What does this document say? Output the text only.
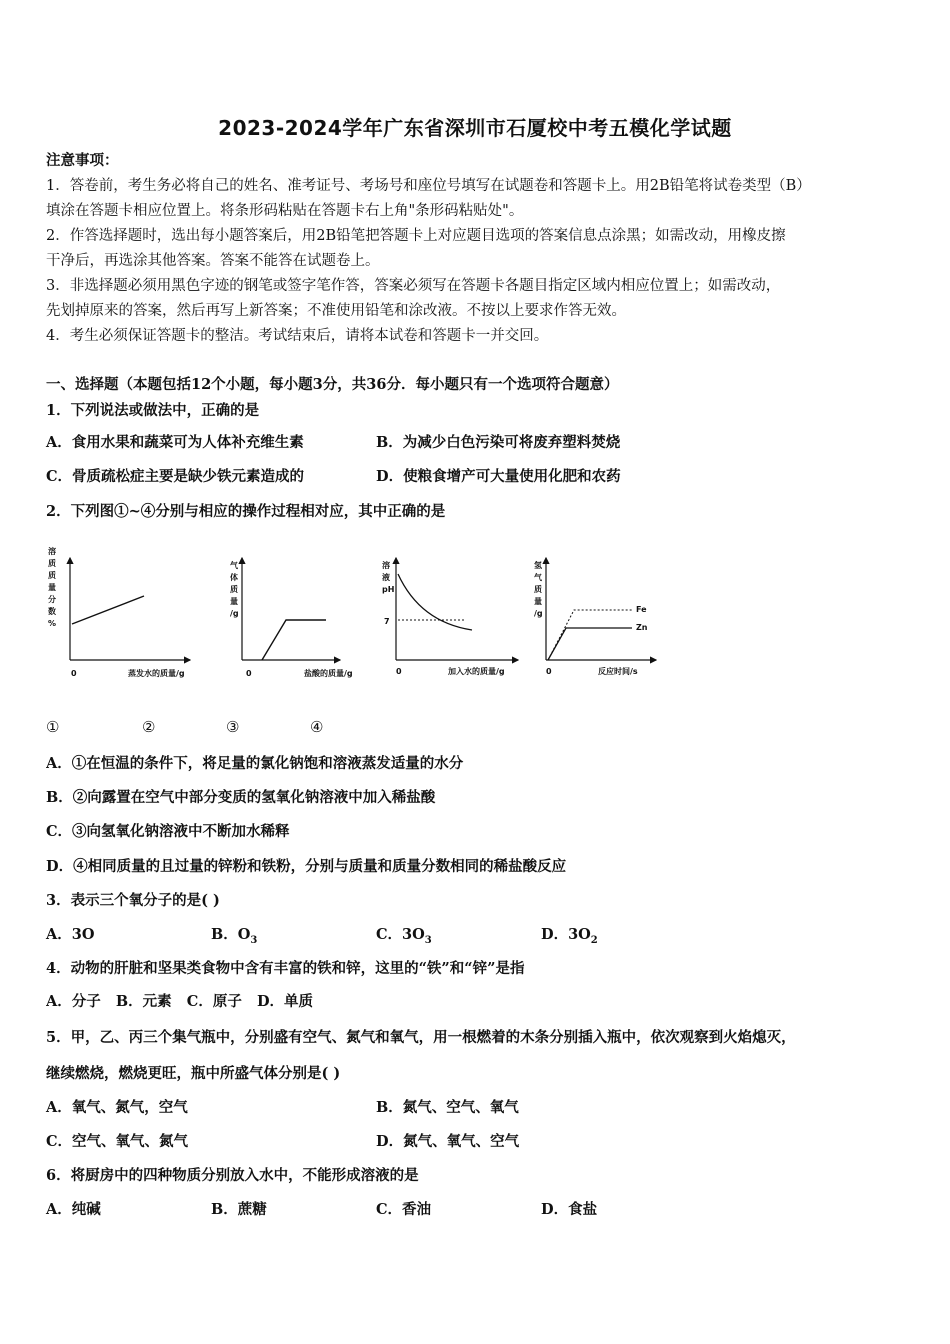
2023-2024学年广东省深圳市石厦校中考五模化学试题
注意事项：
1．答卷前，考生务必将自己的姓名、准考证号、考场号和座位号填写在试题卷和答题卡上。用2B铅笔将试卷类型（B）
填涂在答题卡相应位置上。将条形码粘贴在答题卡右上角"条形码粘贴处"。
2．作答选择题时，选出每小题答案后，用2B铅笔把答题卡上对应题目选项的答案信息点涂黑；如需改动，用橡皮擦
干净后，再选涂其他答案。答案不能答在试题卷上。
3．非选择题必须用黑色字迹的钢笔或签字笔作答，答案必须写在答题卡各题目指定区域内相应位置上；如需改动，
先划掉原来的答案，然后再写上新答案；不准使用铅笔和涂改液。不按以上要求作答无效。
4．考生必须保证答题卡的整洁。考试结束后，请将本试卷和答题卡一并交回。
一、选择题（本题包括12个小题，每小题3分，共36分．每小题只有一个选项符合题意）
1．下列说法或做法中，正确的是
A．食用水果和蔬菜可为人体补充维生素	B．为减少白色污染可将废弃塑料焚烧
C．骨质疏松症主要是缺少铁元素造成的	D．使粮食增产可大量使用化肥和农药
2．下列图①~④分别与相应的操作过程相对应，其中正确的是
溶
质
质
量
分
数
%
0	蒸发水的质量/g
气
体
质
量
/g
0	盐酸的质量/g
溶
液
pH
7
0	加入水的质量/g
氢
气
质
量
/g	Fe
Zn
0	反应时间/s
①	②	③	④
A．①在恒温的条件下，将足量的氯化钠饱和溶液蒸发适量的水分
B．②向露置在空气中部分变质的氢氧化钠溶液中加入稀盐酸
C．③向氢氧化钠溶液中不断加水稀释
D．④相同质量的且过量的锌粉和铁粉，分别与质量和质量分数相同的稀盐酸反应
3．表示三个氧分子的是( )
A．3O	B．$O_3$	C．$3O_3$	D．$3O_2$
4．动物的肝脏和坚果类食物中含有丰富的铁和锌，这里的“铁”和“锌”是指
A．分子   B．元素   C．原子   D．单质
5．甲，乙、丙三个集气瓶中，分别盛有空气、氮气和氧气，用一根燃着的木条分别插入瓶中，依次观察到火焰熄灭，
继续燃烧，燃烧更旺，瓶中所盛气体分别是( )
A．氧气、氮气，空气	B．氮气、空气、氧气
C．空气、氧气、氮气	D．氮气、氧气、空气
6．将厨房中的四种物质分别放入水中，不能形成溶液的是
A．纯碱	B．蔗糖	C．香油	D．食盐
